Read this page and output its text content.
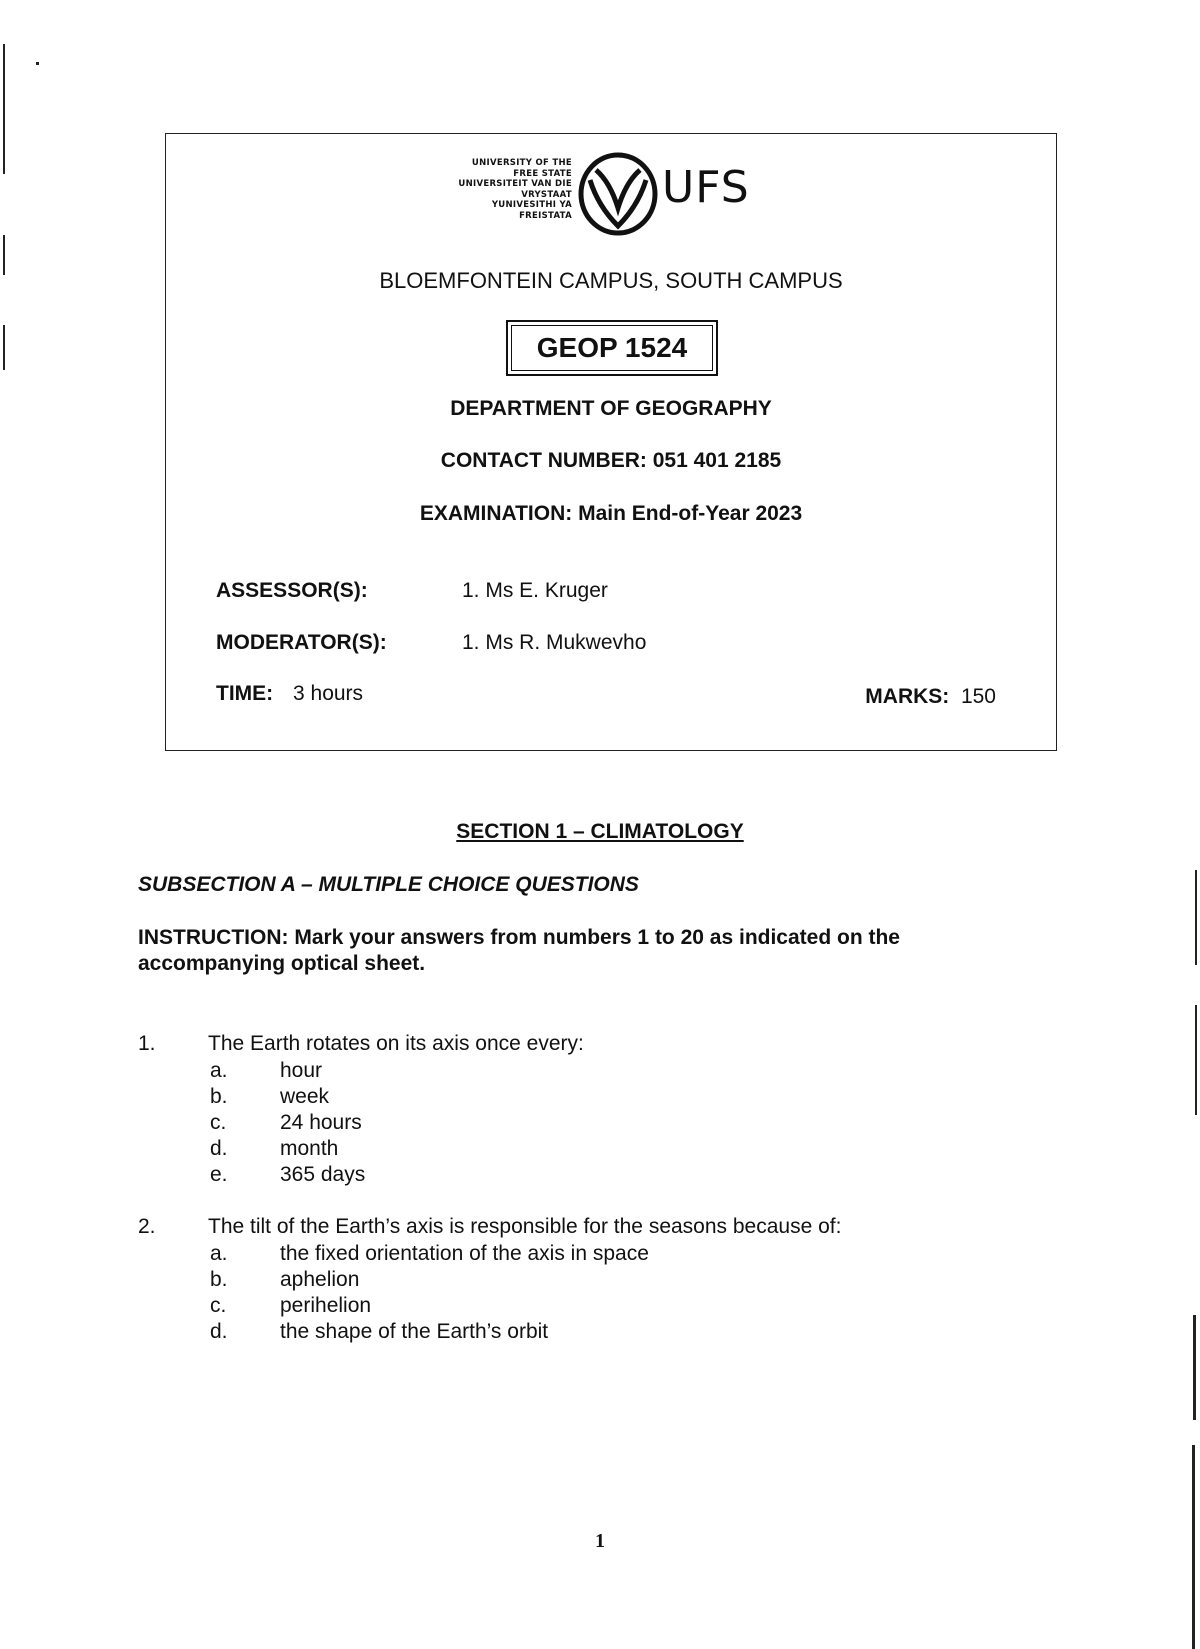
UNIVERSITY OF THE
FREE STATE
UNIVERSITEIT VAN DIE
VRYSTAAT
YUNIVESITHI YA
FREISTATA
UFS
BLOEMFONTEIN CAMPUS, SOUTH CAMPUS
GEOP 1524
DEPARTMENT OF GEOGRAPHY
CONTACT NUMBER: 051 401 2185
EXAMINATION: Main End-of-Year 2023
ASSESSOR(S):	1. Ms E. Kruger
MODERATOR(S):	1. Ms R. Mukwevho
TIME: 3 hours	MARKS: 150
SECTION 1 – CLIMATOLOGY
SUBSECTION A – MULTIPLE CHOICE QUESTIONS
INSTRUCTION: Mark your answers from numbers 1 to 20 as indicated on the accompanying optical sheet.
1. The Earth rotates on its axis once every:
a. hour
b. week
c.	24 hours
d. month
e. 365 days
2. The tilt of the Earth’s axis is responsible for the seasons because of:
a. the fixed orientation of the axis in space
b. aphelion
c.	perihelion
d. the shape of the Earth’s orbit
1
